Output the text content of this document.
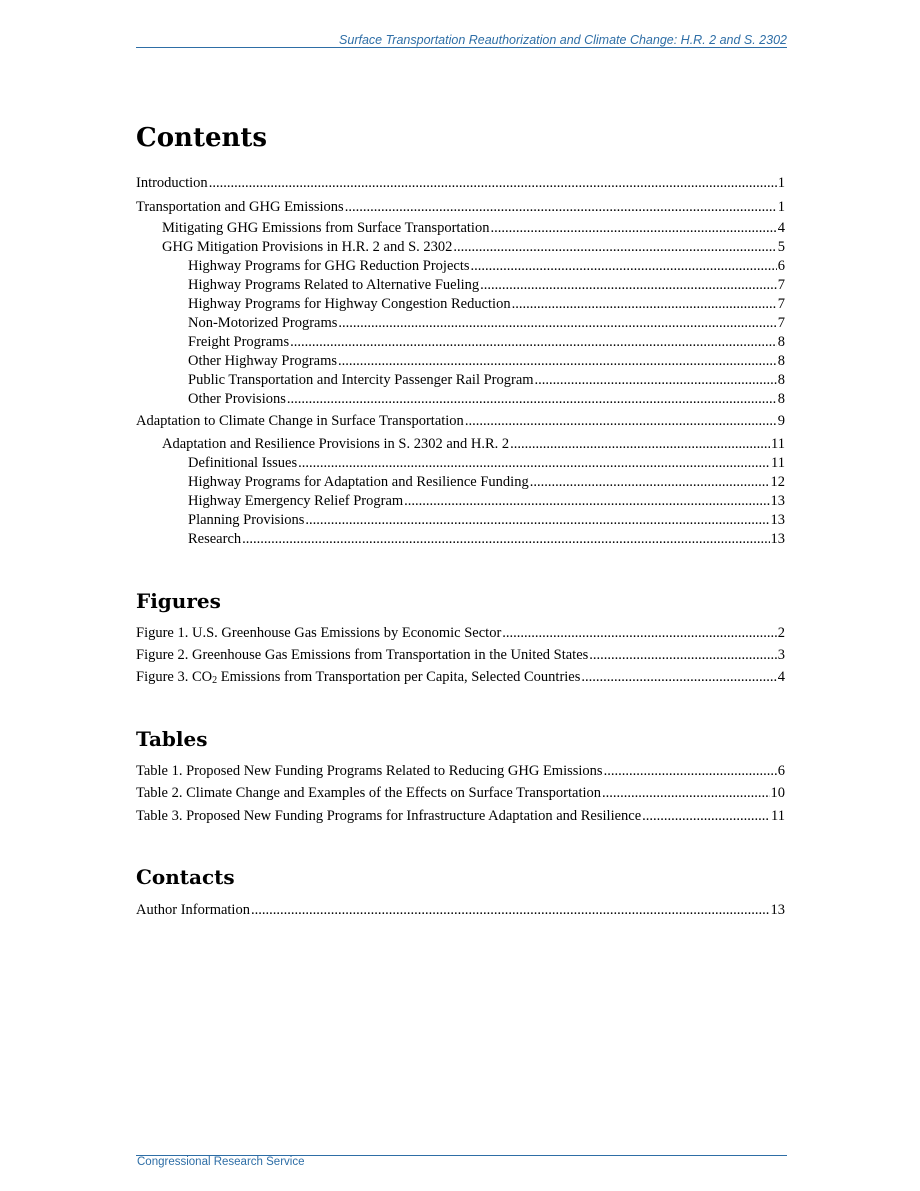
Surface Transportation Reauthorization and Climate Change: H.R. 2 and S. 2302
Contents
Introduction .....	1
Transportation and GHG Emissions .....	1
Mitigating GHG Emissions from Surface Transportation .....	4
GHG Mitigation Provisions in H.R. 2 and S. 2302 .....	5
Highway Programs for GHG Reduction Projects .....	6
Highway Programs Related to Alternative Fueling .....	7
Highway Programs for Highway Congestion Reduction .....	7
Non-Motorized Programs .....	7
Freight Programs .....	8
Other Highway Programs .....	8
Public Transportation and Intercity Passenger Rail Program .....	8
Other Provisions .....	8
Adaptation to Climate Change in Surface Transportation .....	9
Adaptation and Resilience Provisions in S. 2302 and H.R. 2 .....	11
Definitional Issues .....	11
Highway Programs for Adaptation and Resilience Funding .....	12
Highway Emergency Relief Program .....	13
Planning Provisions .....	13
Research .....	13
Figures
Figure 1. U.S. Greenhouse Gas Emissions by Economic Sector .....	2
Figure 2. Greenhouse Gas Emissions from Transportation in the United States .....	3
Figure 3. $CO_2$ Emissions from Transportation per Capita, Selected Countries .....	4
Tables
Table 1. Proposed New Funding Programs Related to Reducing GHG Emissions .....	6
Table 2. Climate Change and Examples of the Effects on Surface Transportation .....	10
Table 3. Proposed New Funding Programs for Infrastructure Adaptation and Resilience .....	11
Contacts
Author Information .....	13
Congressional Research Service
